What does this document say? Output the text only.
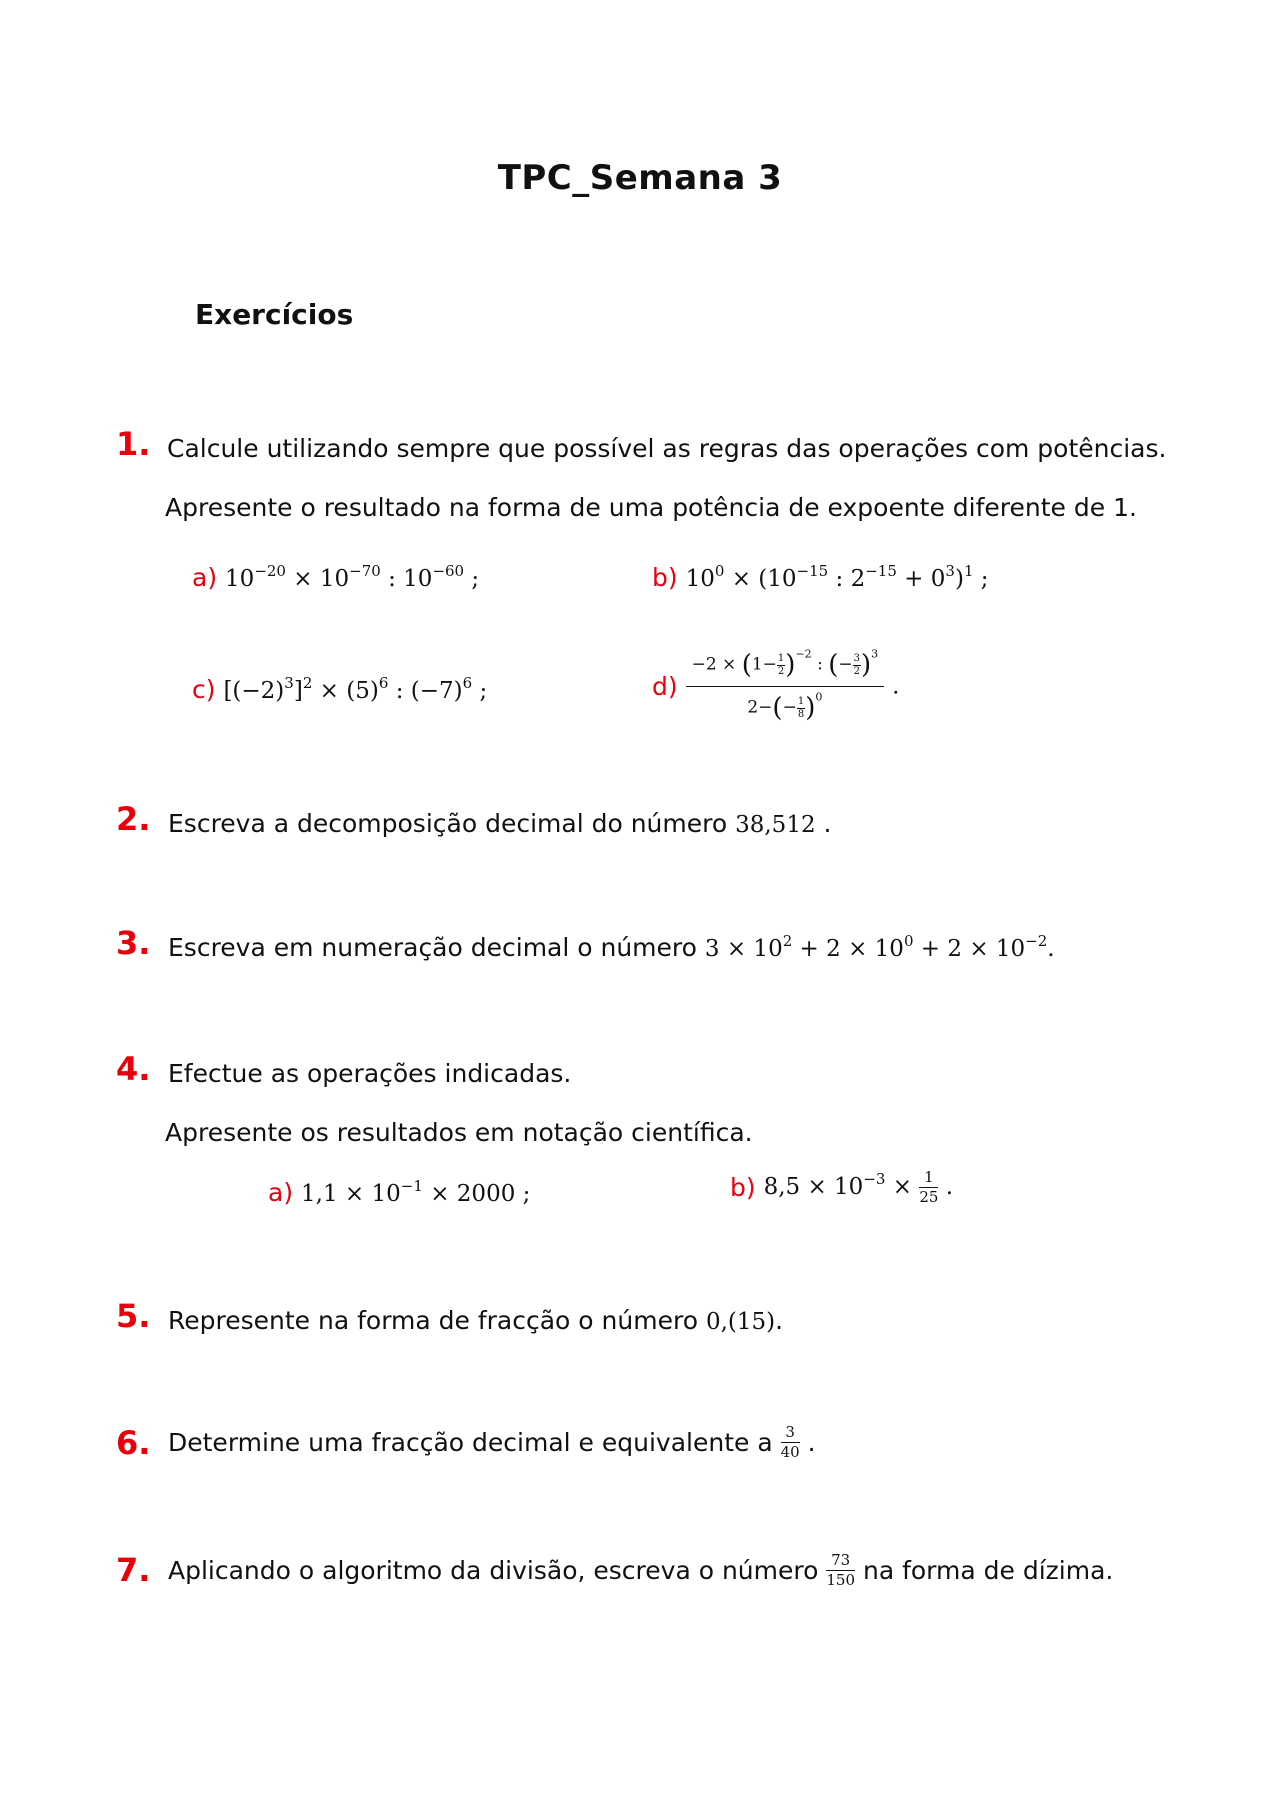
TPC_Semana 3
Exercícios
1. Calcule utilizando sempre que possível as regras das operações com potências.
Apresente o resultado na forma de uma potência de expoente diferente de 1.
a) $10^{-20} \times 10^{-70}$ : $10^{-60}$ ;	b) $10^0 \times (10^{-15}$ : $2^{-15} + 0^3)^1$ ;
c) $[(-2)^3]^2 \times (5)^6$ : $(-7)^6$ ;	$d) \frac{-2 \times (1- \frac{1}{2} )^{-2} : (- \frac{3}{2} )^3}{2-(- \frac{1}{8} )^0}$ .
2. Escreva a decomposição decimal do número 38,512 .
3. Escreva em numeração decimal o número $3 \times 10^2 + 2 \times 10^0 + 2 \times 10^{-2}$.
4. Efectue as operações indicadas.
Apresente os resultados em notação científica.
a) $1,1 \times 10^{-1} \times 2000$ ;	b) $8,5 \times 10^{-3} \times \frac{1}{25}$ .
5. Represente na forma de fracção o número 0,(15).
6. Determine uma fracção decimal e equivalente a $\frac{3}{40}$ .
7. Aplicando o algoritmo da divisão, escreva o número $\frac{73}{150}$ na forma de dízima.
